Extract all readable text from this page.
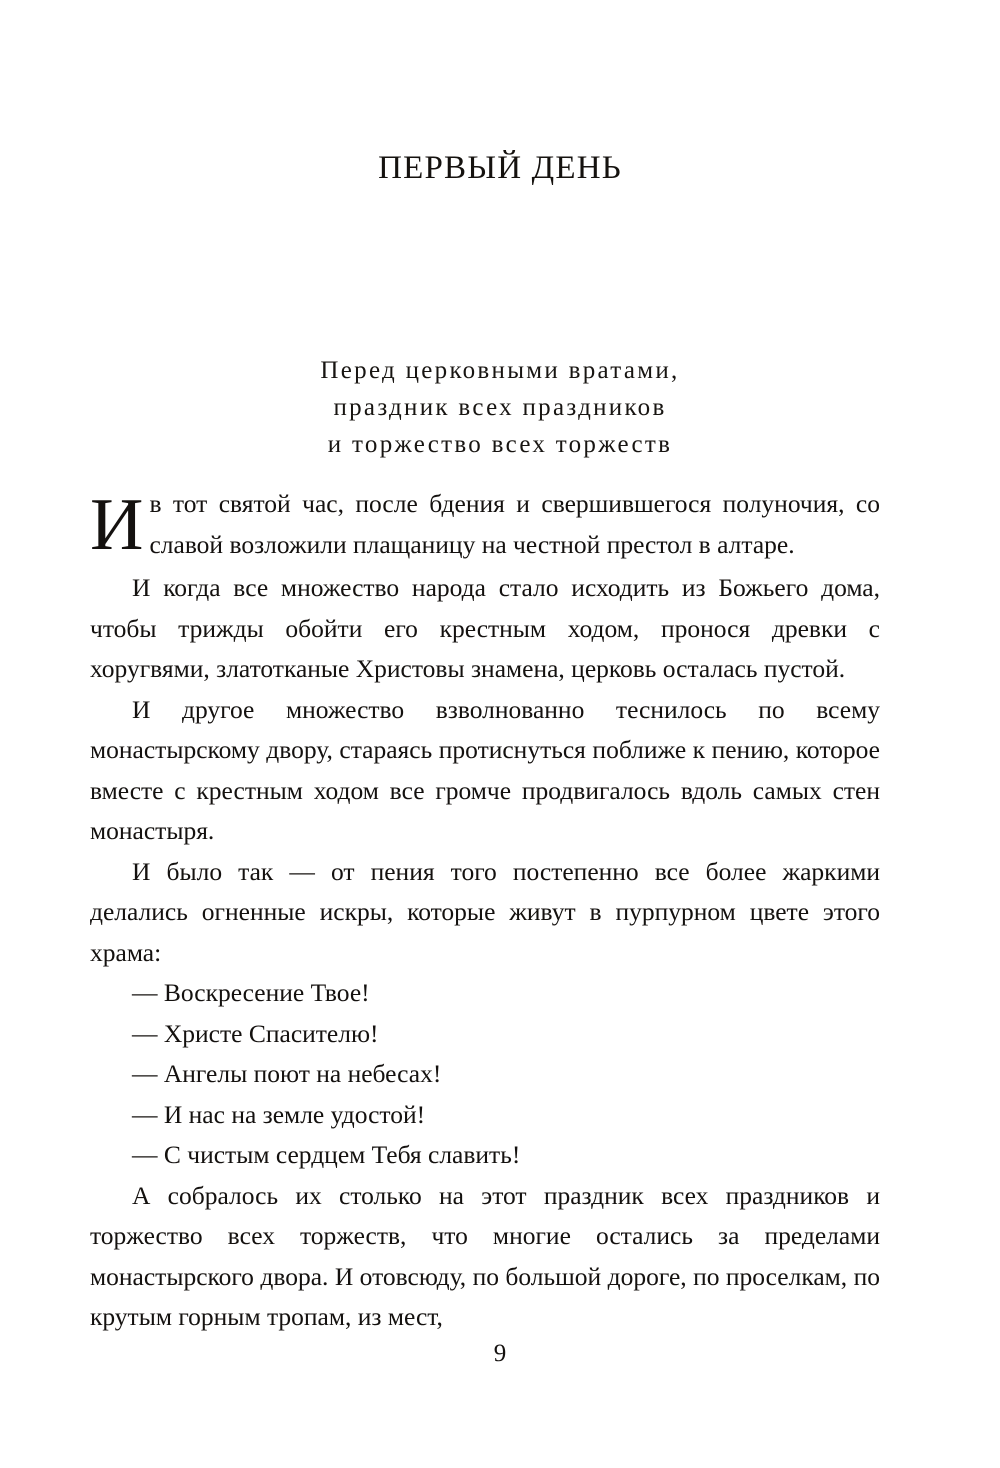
ПЕРВЫЙ ДЕНЬ
Перед церковными вратами,
праздник всех праздников
и торжество всех торжеств

Ив тот святой час, после бдения и свершившегося полуночия, со славой возложили плащаницу на честной престол в алтаре.

И когда все множество народа стало исходить из Божьего дома, чтобы трижды обойти его крестным ходом, пронося древки с хоругвями, златотканые Христовы знамена, церковь осталась пустой.

И другое множество взволнованно теснилось по всему монастырскому двору, стараясь протиснуться поближе к пению, которое вместе с крестным ходом все громче продвигалось вдоль самых стен монастыря.

И было так — от пения того постепенно все более жаркими делались огненные искры, которые живут в пурпурном цвете этого храма:

— Воскресение Твое!

— Христе Спасителю!

— Ангелы поют на небесах!

— И нас на земле удостой!

— С чистым сердцем Тебя славить!

А собралось их столько на этот праздник всех праздников и торжество всех торжеств, что многие остались за пределами монастырского двора. И отовсюду, по большой дороге, по проселкам, по крутым горным тропам, из мест,

9
